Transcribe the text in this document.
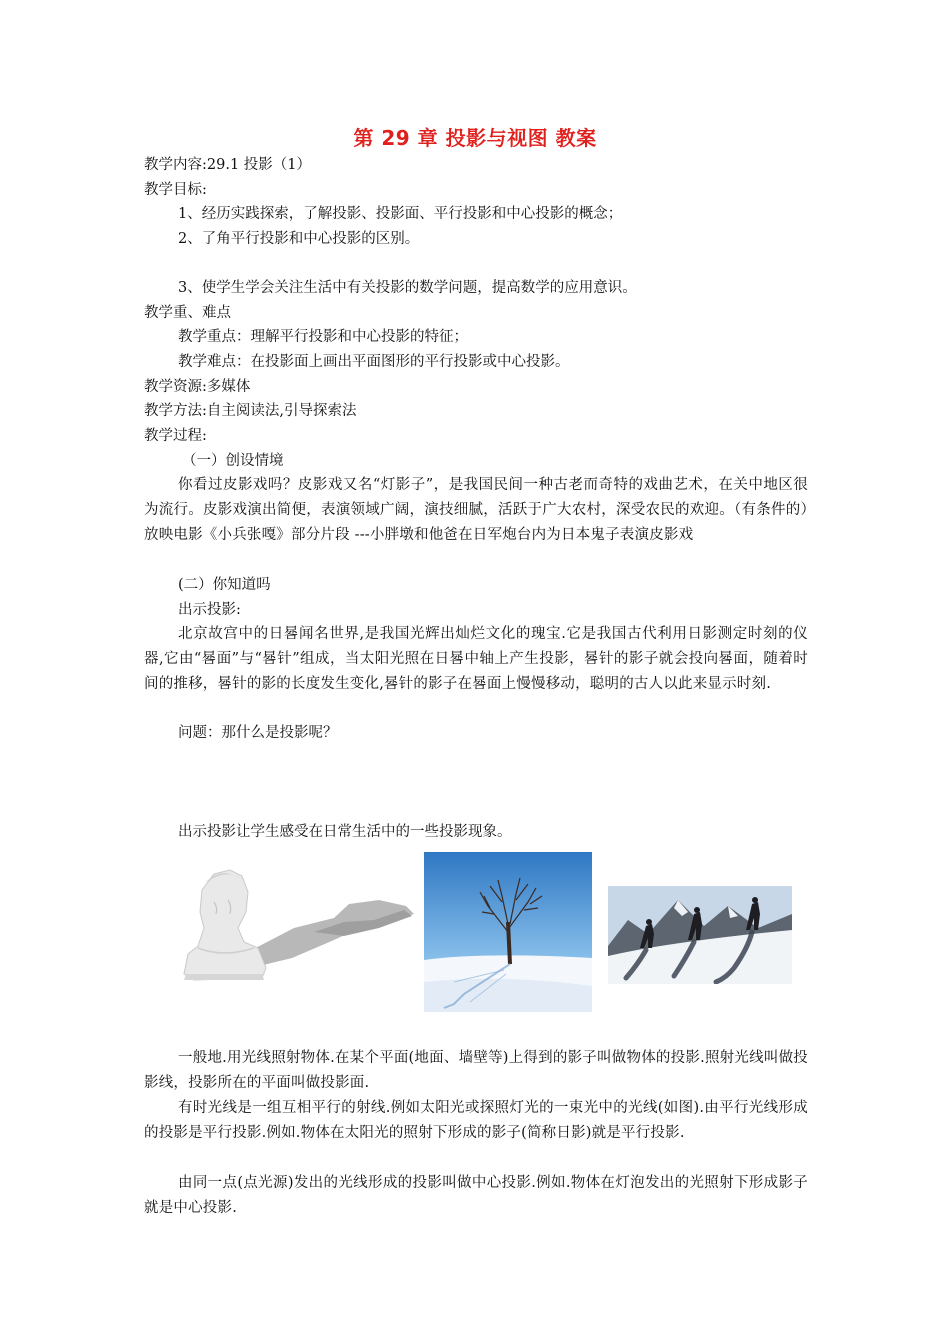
第 29 章 投影与视图 教案
教学内容:29.1 投影（1）
教学目标:
1、经历实践探索，了解投影、投影面、平行投影和中心投影的概念；
2、了角平行投影和中心投影的区别。
3、使学生学会关注生活中有关投影的数学问题，提高数学的应用意识。
教学重、难点
教学重点：理解平行投影和中心投影的特征；
教学难点：在投影面上画出平面图形的平行投影或中心投影。
教学资源:多媒体
教学方法:自主阅读法,引导探索法
教学过程:
（一）创设情境
你看过皮影戏吗？皮影戏又名“灯影子”，是我国民间一种古老而奇特的戏曲艺术，在关中地区很为流行。皮影戏演出简便，表演领域广阔，演技细腻，活跃于广大农村，深受农民的欢迎。（有条件的）放映电影《小兵张嘎》部分片段 ---小胖墩和他爸在日军炮台内为日本鬼子表演皮影戏
(二）你知道吗
出示投影:
北京故宫中的日晷闻名世界,是我国光辉出灿烂文化的瑰宝.它是我国古代利用日影测定时刻的仪器,它由“晷面”与“晷针”组成，当太阳光照在日晷中轴上产生投影，晷针的影子就会投向晷面，随着时间的推移，晷针的影的长度发生变化,晷针的影子在晷面上慢慢移动，聪明的古人以此来显示时刻.
问题：那什么是投影呢？
出示投影让学生感受在日常生活中的一些投影现象。
一般地.用光线照射物体.在某个平面(地面、墙壁等)上得到的影子叫做物体的投影.照射光线叫做投影线，投影所在的平面叫做投影面.
有时光线是一组互相平行的射线.例如太阳光或探照灯光的一束光中的光线(如图).由平行光线形成的投影是平行投影.例如.物体在太阳光的照射下形成的影子(简称日影)就是平行投影.
由同一点(点光源)发出的光线形成的投影叫做中心投影.例如.物体在灯泡发出的光照射下形成影子就是中心投影.
